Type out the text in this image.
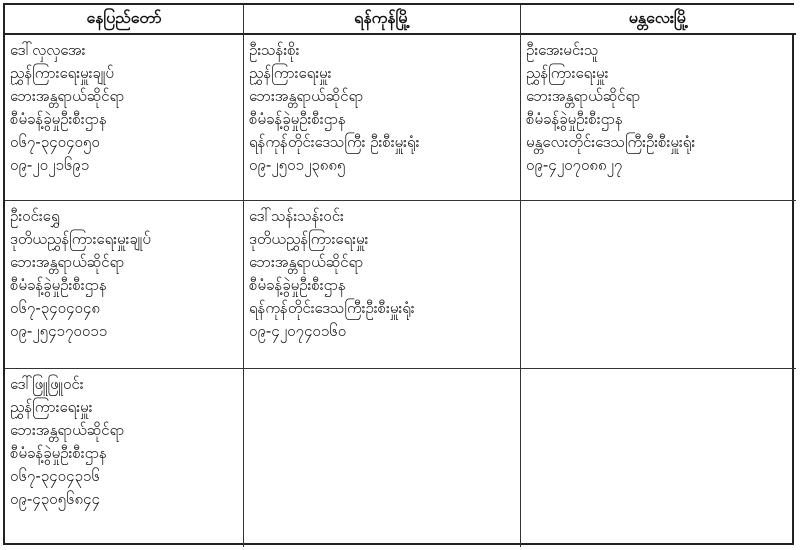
နေပြည်တော်	ရန်ကုန်မြို့	မန္တလေးမြို့
ဒေါ်လှလှအေး
ညွှန်ကြားရေးမှူးချုပ်
ဘေးအန္တရာယ်ဆိုင်ရာ
စီမံခန့်ခွဲမှုဦးစီးဌာန
၀၆၇-၃၄၀၄၀၅၀
၀၉-၂၀၂၁၆၉၁
ဦးသန်းစိုး
ညွှန်ကြားရေးမှူး
ဘေးအန္တရာယ်ဆိုင်ရာ
စီမံခန့်ခွဲမှုဦးစီးဌာန
ရန်ကုန်တိုင်းဒေသကြီး ဦးစီးမှူးရုံး
၀၉-၂၅၀၁၂၃၈၈၅
ဦးအေးမင်းသူ
ညွှန်ကြားရေးမှူး
ဘေးအန္တရာယ်ဆိုင်ရာ
စီမံခန့်ခွဲမှုဦးစီးဌာန
မန္တလေးတိုင်းဒေသကြီးဦးစီးမှူးရုံး
၀၉-၄၂၀၇၀၈၈၂၇
ဦးဝင်းရွှေ
ဒုတိယညွှန်ကြားရေးမှူးချုပ်
ဘေးအန္တရာယ်ဆိုင်ရာ
စီမံခန့်ခွဲမှုဦးစီးဌာန
၀၆၇-၃၄၀၄၀၄၈
၀၉-၂၅၄၁၇၀၀၁၁
ဒေါ်သန်းသန်းဝင်း
ဒုတိယညွှန်ကြားရေးမှူး
ဘေးအန္တရာယ်ဆိုင်ရာ
စီမံခန့်ခွဲမှုဦးစီးဌာန
ရန်ကုန်တိုင်းဒေသကြီးဦးစီးမှူးရုံး
၀၉-၄၂၀၇၄၀၁၆၀
ဒေါ်ဖြူဖြူဝင်း
ညွှန်ကြားရေးမှူး
ဘေးအန္တရာယ်ဆိုင်ရာ
စီမံခန့်ခွဲမှုဦးစီးဌာန
၀၆၇-၃၄၀၄၃၁၆
၀၉-၄၃၀၅၆၈၄၄
